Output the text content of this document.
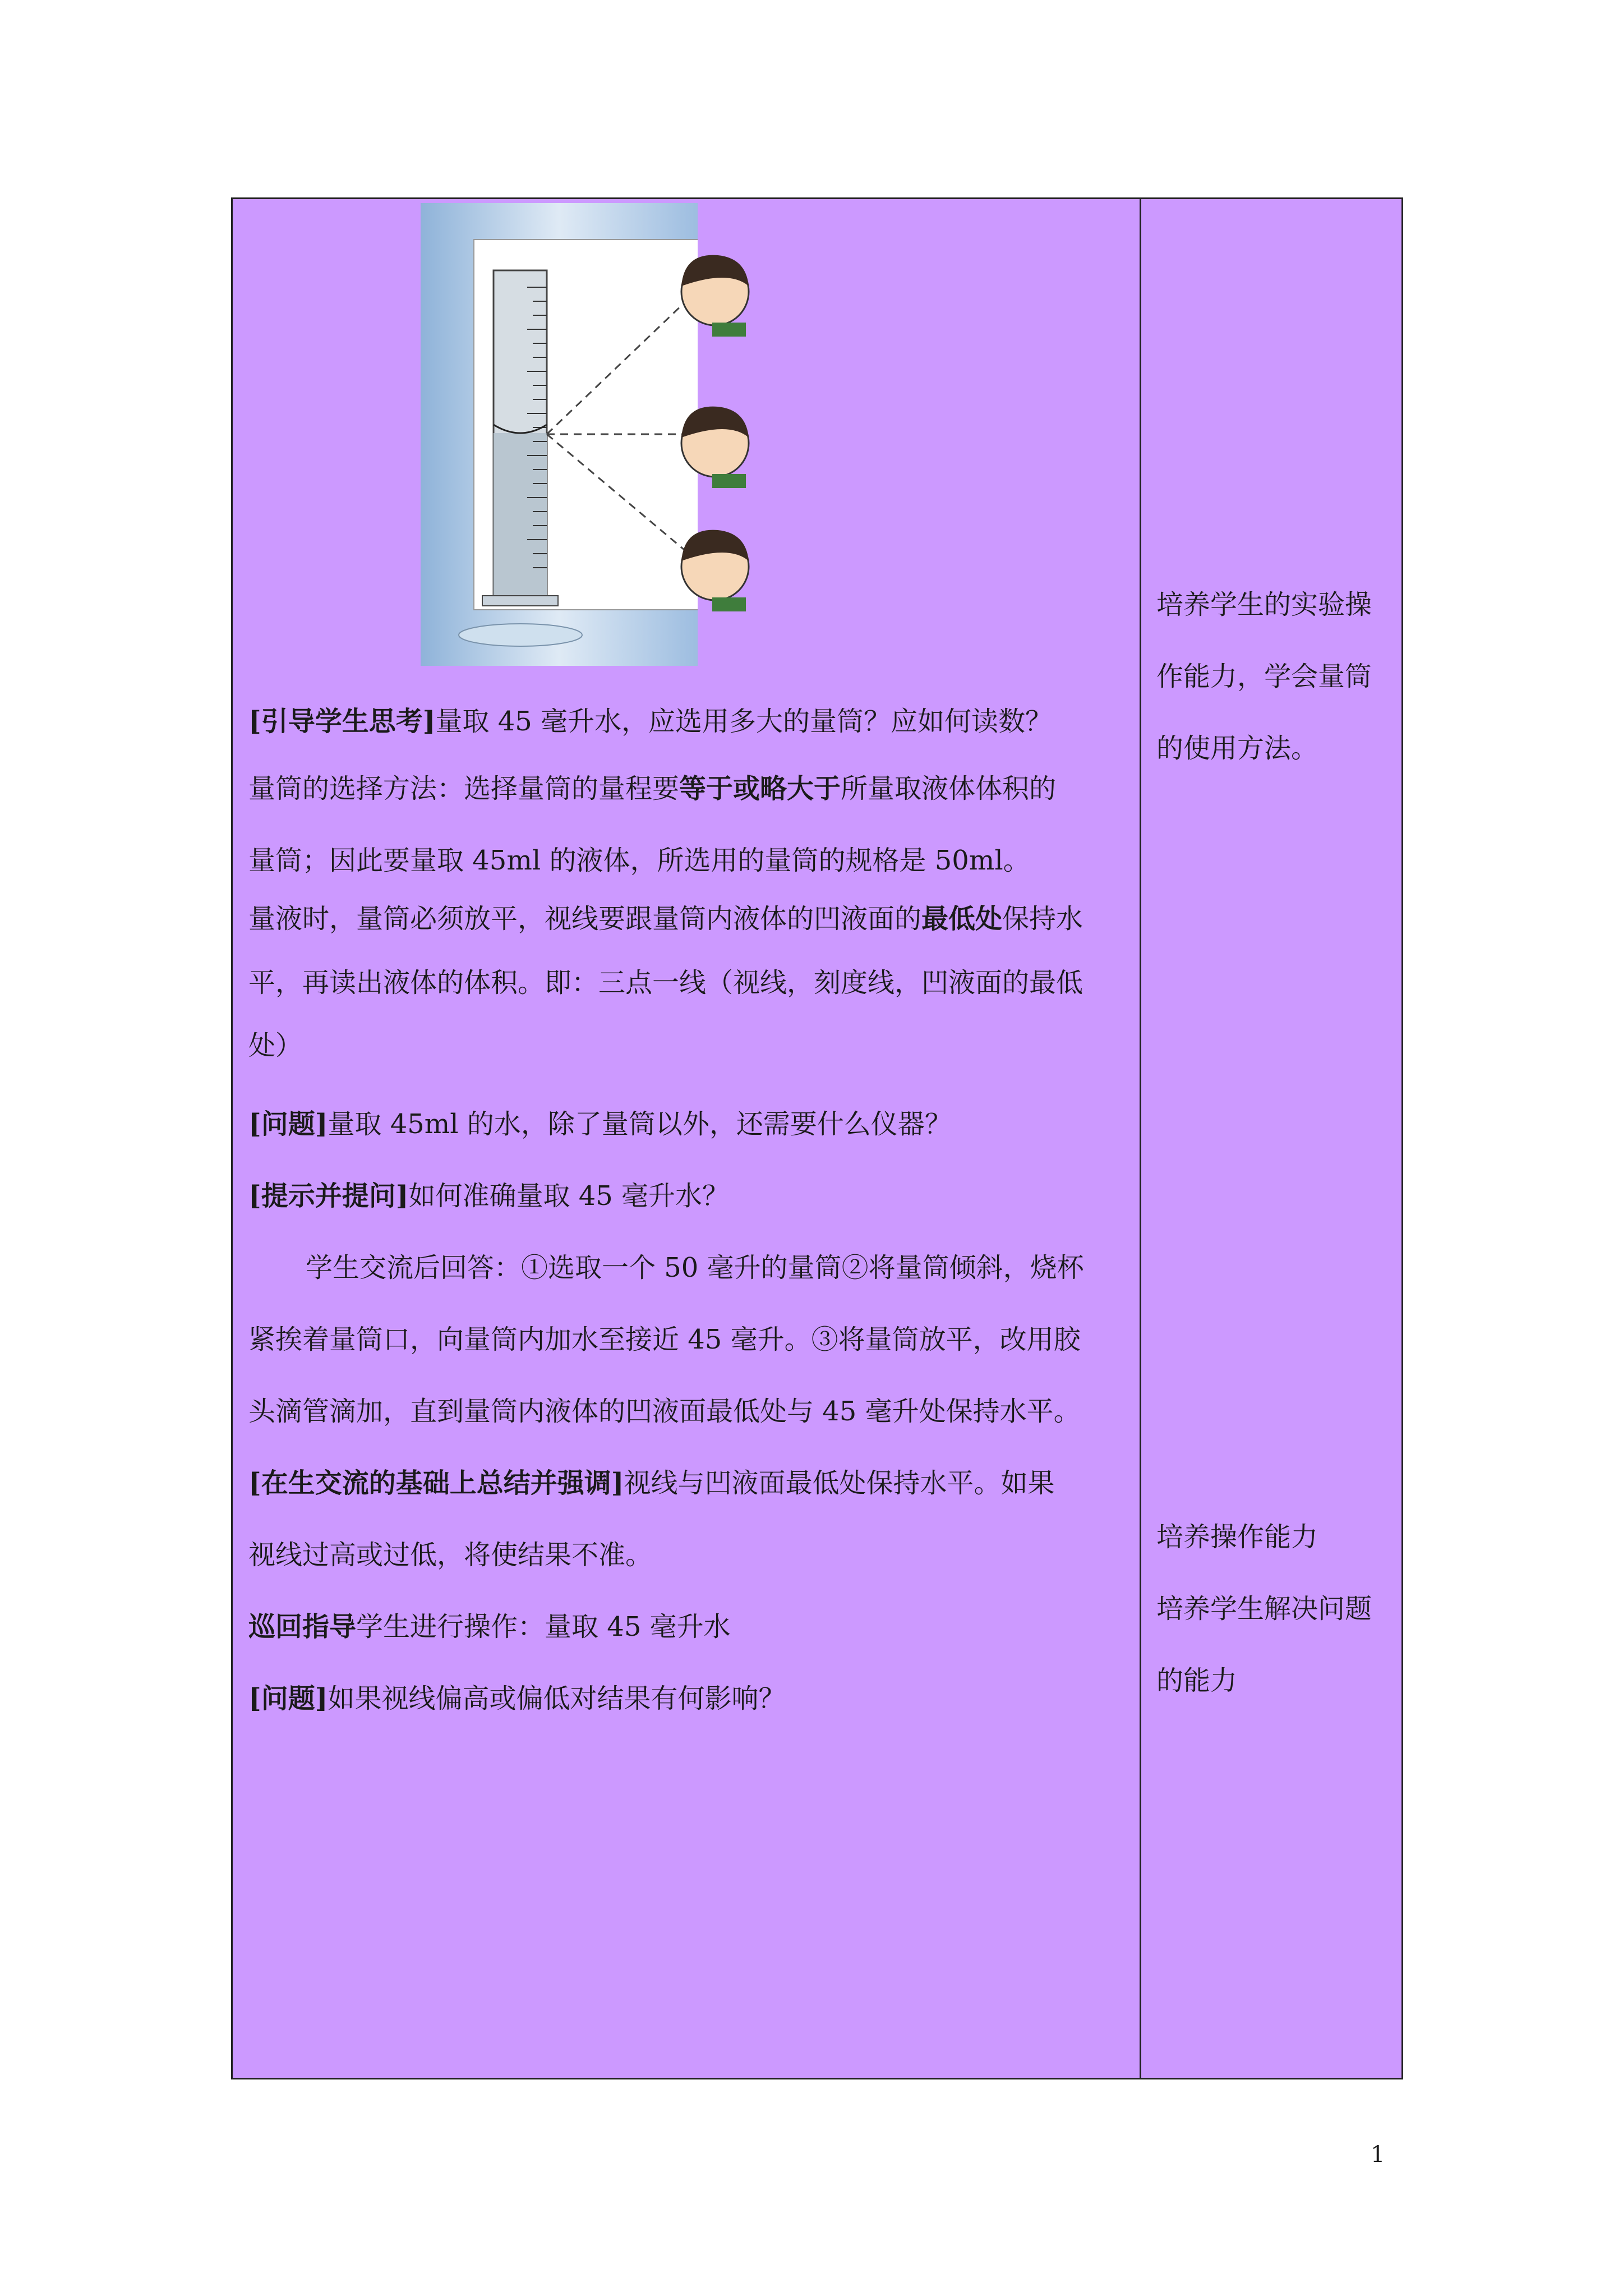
[引导学生思考]量取 45 毫升水，应选用多大的量筒？应如何读数？
量筒的选择方法：选择量筒的量程要等于或略大于所量取液体体积的
量筒；因此要量取 45ml 的液体，所选用的量筒的规格是 50ml。
量液时，量筒必须放平，视线要跟量筒内液体的凹液面的最低处保持水
平，再读出液体的体积。即：三点一线（视线，刻度线，凹液面的最低
处）
[问题]量取 45ml 的水，除了量筒以外，还需要什么仪器？
[提示并提问]如何准确量取 45 毫升水？
学生交流后回答：①选取一个 50 毫升的量筒②将量筒倾斜，烧杯
紧挨着量筒口，向量筒内加水至接近 45 毫升。③将量筒放平，改用胶
头滴管滴加，直到量筒内液体的凹液面最低处与 45 毫升处保持水平。
[在生交流的基础上总结并强调]视线与凹液面最低处保持水平。如果
视线过高或过低，将使结果不准。
巡回指导学生进行操作：量取 45 毫升水
[问题]如果视线偏高或偏低对结果有何影响？
培养学生的实验操
作能力，学会量筒
的使用方法。
培养操作能力
培养学生解决问题
的能力
1
